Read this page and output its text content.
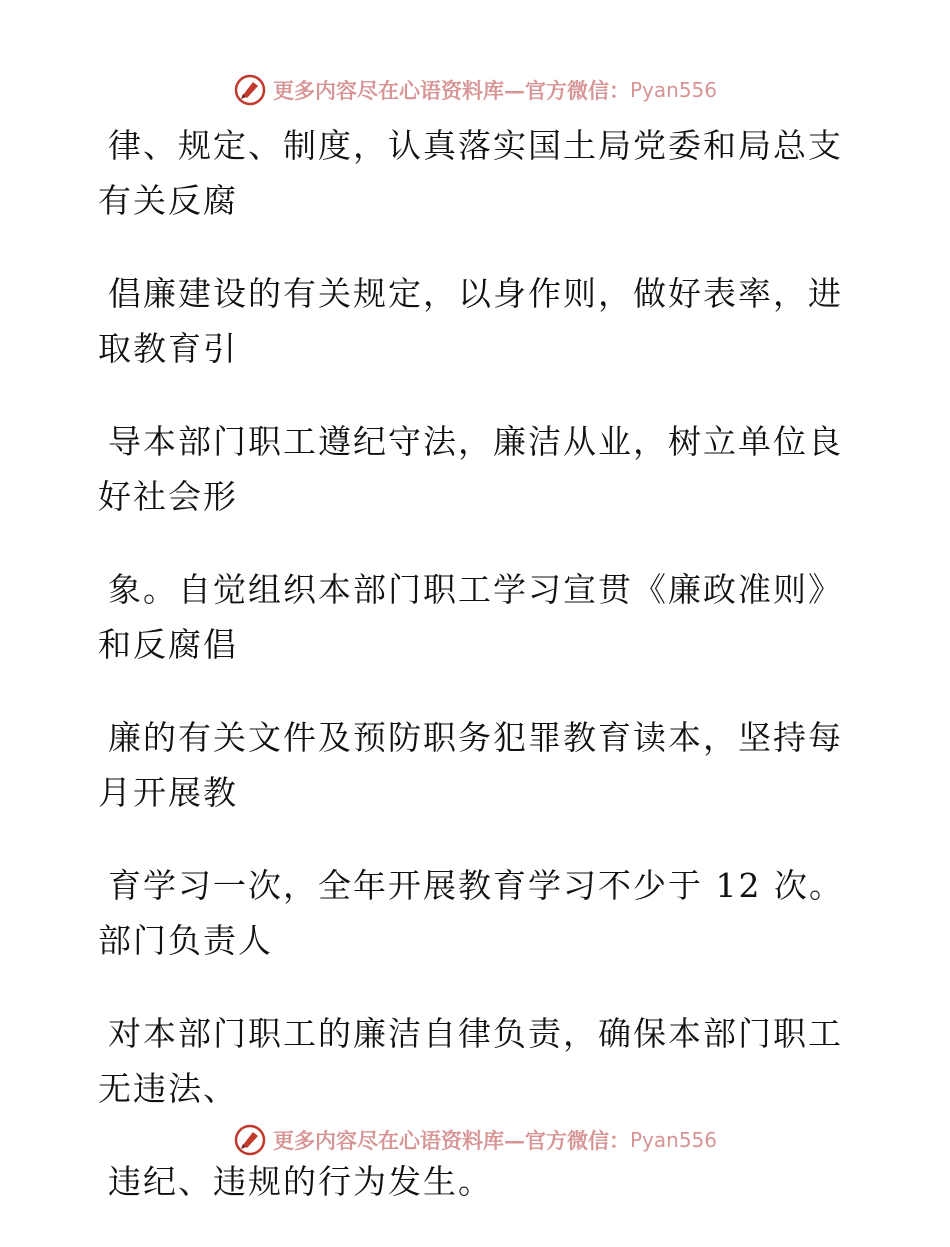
更多内容尽在心语资料库— 官方微信： Pyan556

律、规定、制度，认真落实国土局党委和局总支
有关反腐

倡廉建设的有关规定，以身作则，做好表率，进
取教育引

导本部门职工遵纪守法，廉洁从业，树立单位良
好社会形

象。自觉组织本部门职工学习宣贯《廉政准则》
和反腐倡

廉的有关文件及预防职务犯罪教育读本，坚持每
月开展教

育学习一次，全年开展教育学习不少于 12 次。
部门负责人

对本部门职工的廉洁自律负责，确保本部门职工
无违法、

违纪、违规的行为发生。

更多内容尽在心语资料库— 官方微信： Pyan556
